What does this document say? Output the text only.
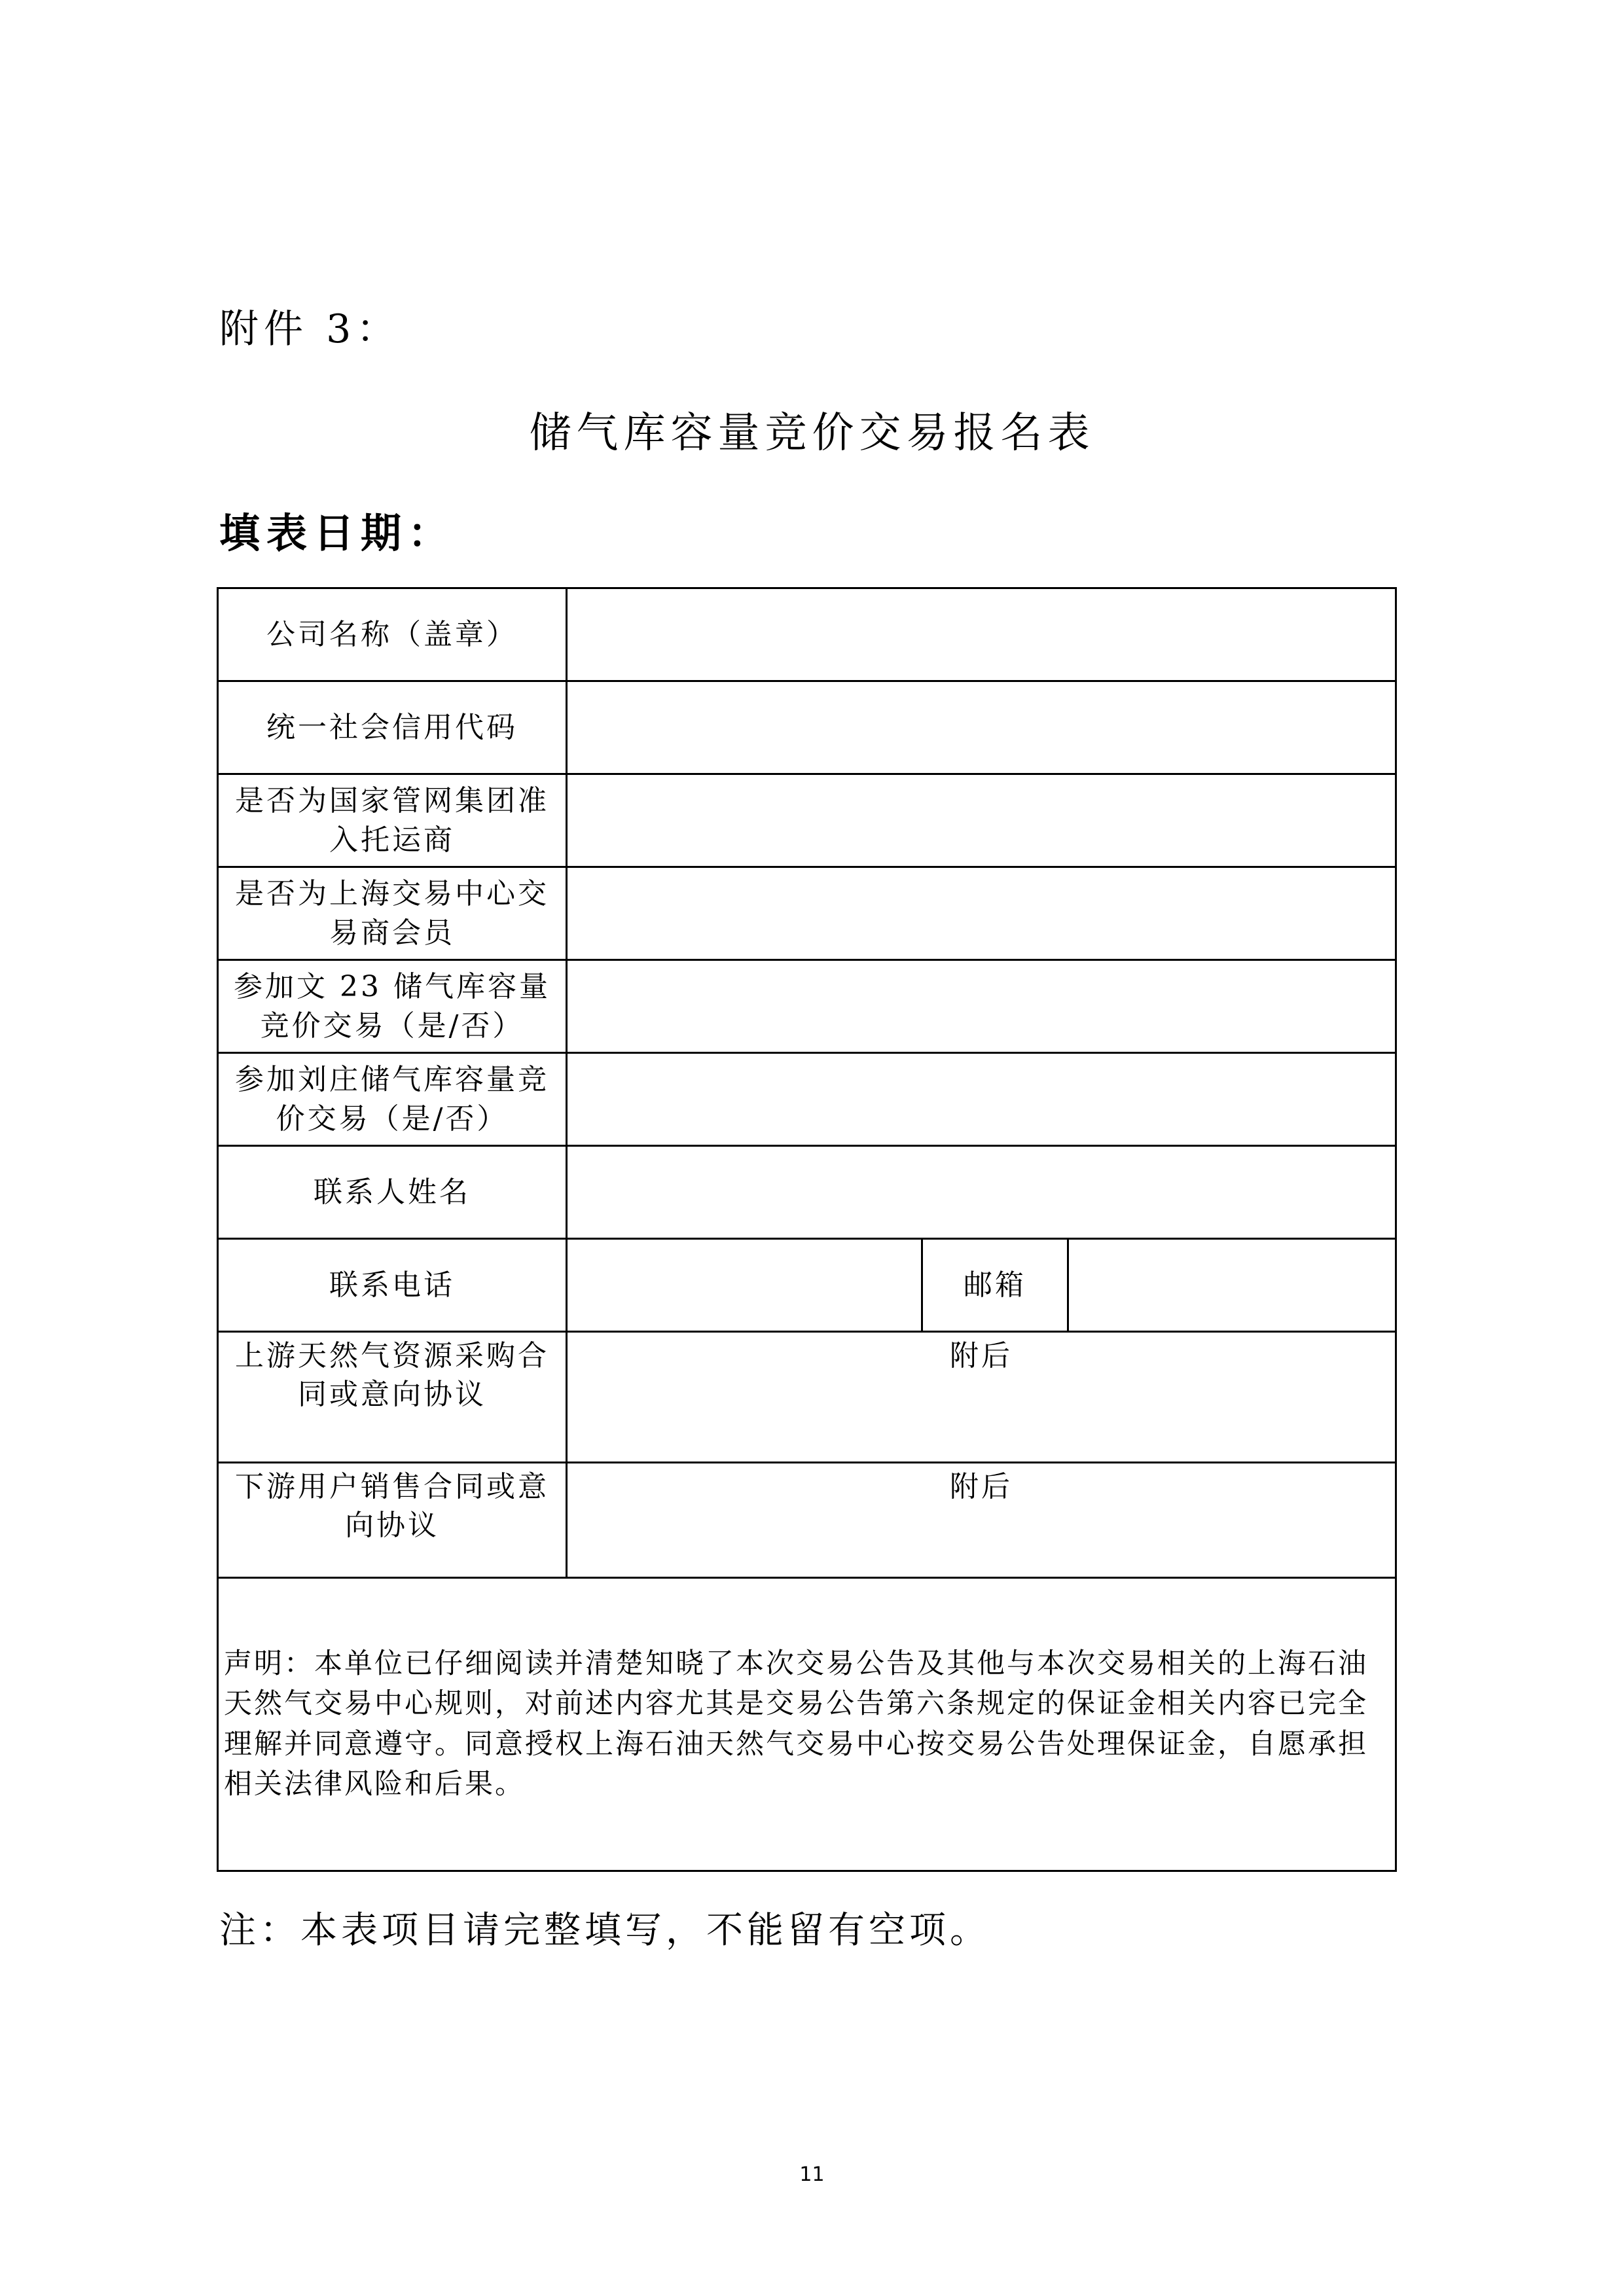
附件 3：
储气库容量竞价交易报名表
填表日期：
公司名称（盖章）			
统一社会信用代码			
是否为国家管网集团准入托运商			
是否为上海交易中心交易商会员			
参加文 23 储气库容量竞价交易（是/否）			
参加刘庄储气库容量竞价交易（是/否）			
联系人姓名			
联系电话		邮箱	
上游天然气资源采购合同或意向协议	附后		
下游用户销售合同或意向协议	附后		
声明：本单位已仔细阅读并清楚知晓了本次交易公告及其他与本次交易相关的上海石油天然气交易中心规则，对前述内容尤其是交易公告第六条规定的保证金相关内容已完全理解并同意遵守。同意授权上海石油天然气交易中心按交易公告处理保证金，自愿承担相关法律风险和后果。			
注：本表项目请完整填写，不能留有空项。
11
